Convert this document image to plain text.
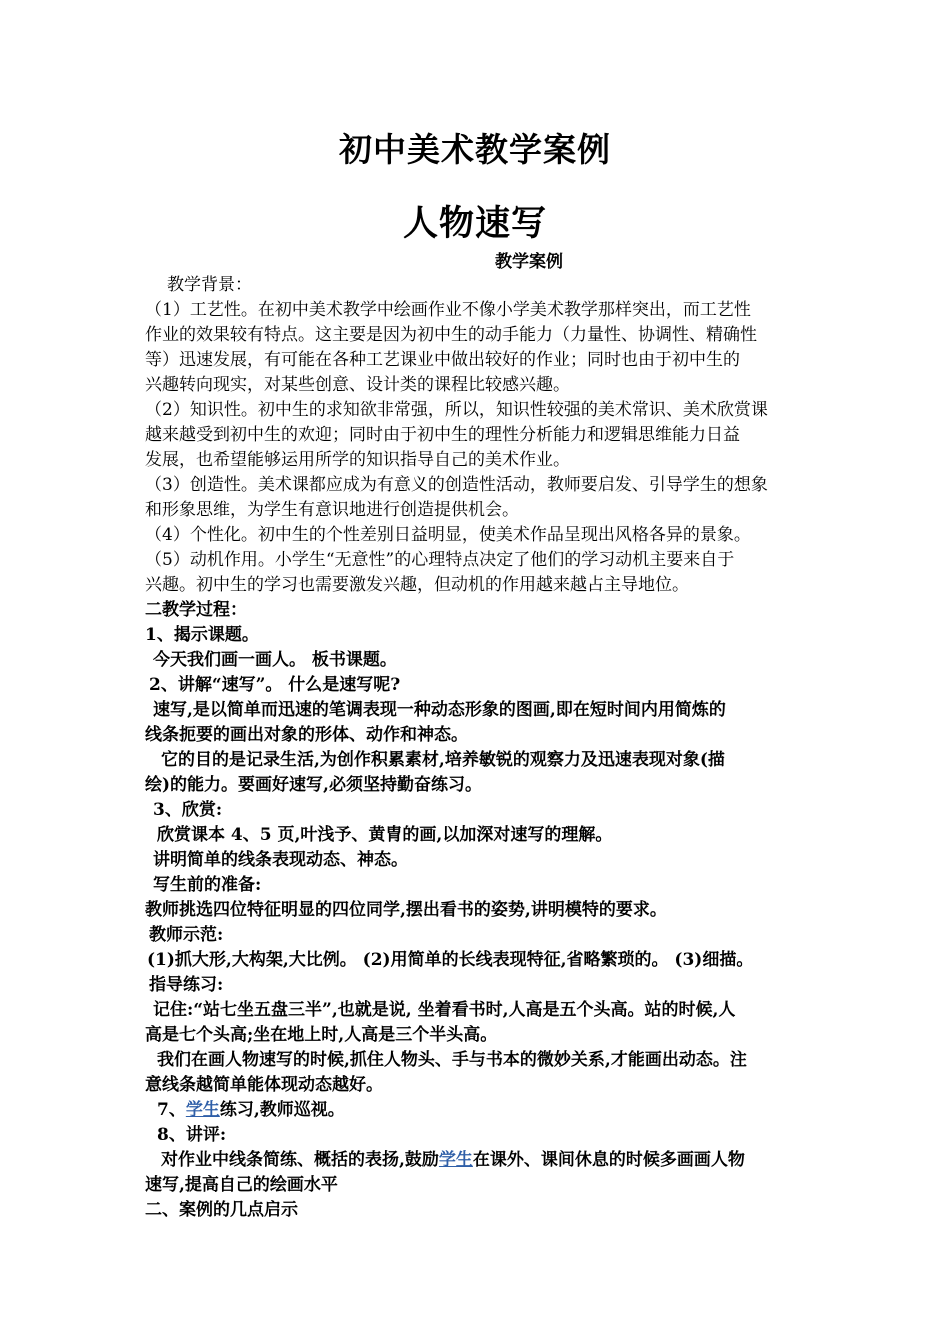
初中美术教学案例
人物速写
教学案例
教学背景：
（1）工艺性。在初中美术教学中绘画作业不像小学美术教学那样突出，而工艺性
作业的效果较有特点。这主要是因为初中生的动手能力（力量性、协调性、精确性
等）迅速发展，有可能在各种工艺课业中做出较好的作业；同时也由于初中生的
兴趣转向现实，对某些创意、设计类的课程比较感兴趣。
（2）知识性。初中生的求知欲非常强，所以，知识性较强的美术常识、美术欣赏课
越来越受到初中生的欢迎；同时由于初中生的理性分析能力和逻辑思维能力日益
发展，也希望能够运用所学的知识指导自己的美术作业。
（3）创造性。美术课都应成为有意义的创造性活动，教师要启发、引导学生的想象
和形象思维，为学生有意识地进行创造提供机会。
（4）个性化。初中生的个性差别日益明显，使美术作品呈现出风格各异的景象。
（5）动机作用。小学生“无意性”的心理特点决定了他们的学习动机主要来自于
兴趣。初中生的学习也需要激发兴趣，但动机的作用越来越占主导地位。
二教学过程：
1、揭示课题。
今天我们画一画人。 板书课题。
2、讲解“速写”。 什么是速写呢?
速写,是以简单而迅速的笔调表现一种动态形象的图画,即在短时间内用简炼的
线条扼要的画出对象的形体、动作和神态。
它的目的是记录生活,为创作积累素材,培养敏锐的观察力及迅速表现对象(描
绘)的能力。要画好速写,必须坚持勤奋练习。
3、欣赏:
欣赏课本 4、5 页,叶浅予、黄胄的画,以加深对速写的理解。
讲明简单的线条表现动态、神态。
写生前的准备:
教师挑选四位特征明显的四位同学,摆出看书的姿势,讲明模特的要求。
教师示范:
(1)抓大形,大构架,大比例。 (2)用简单的长线表现特征,省略繁琐的。 (3)细描。
指导练习:
记住:“站七坐五盘三半”,也就是说, 坐着看书时,人高是五个头高。站的时候,人
高是七个头高;坐在地上时,人高是三个半头高。
我们在画人物速写的时候,抓住人物头、手与书本的微妙关系,才能画出动态。注
意线条越简单能体现动态越好。
7、学生练习,教师巡视。
8、讲评:
对作业中线条简练、概括的表扬,鼓励学生在课外、课间休息的时候多画画人物
速写,提高自己的绘画水平
二、案例的几点启示
